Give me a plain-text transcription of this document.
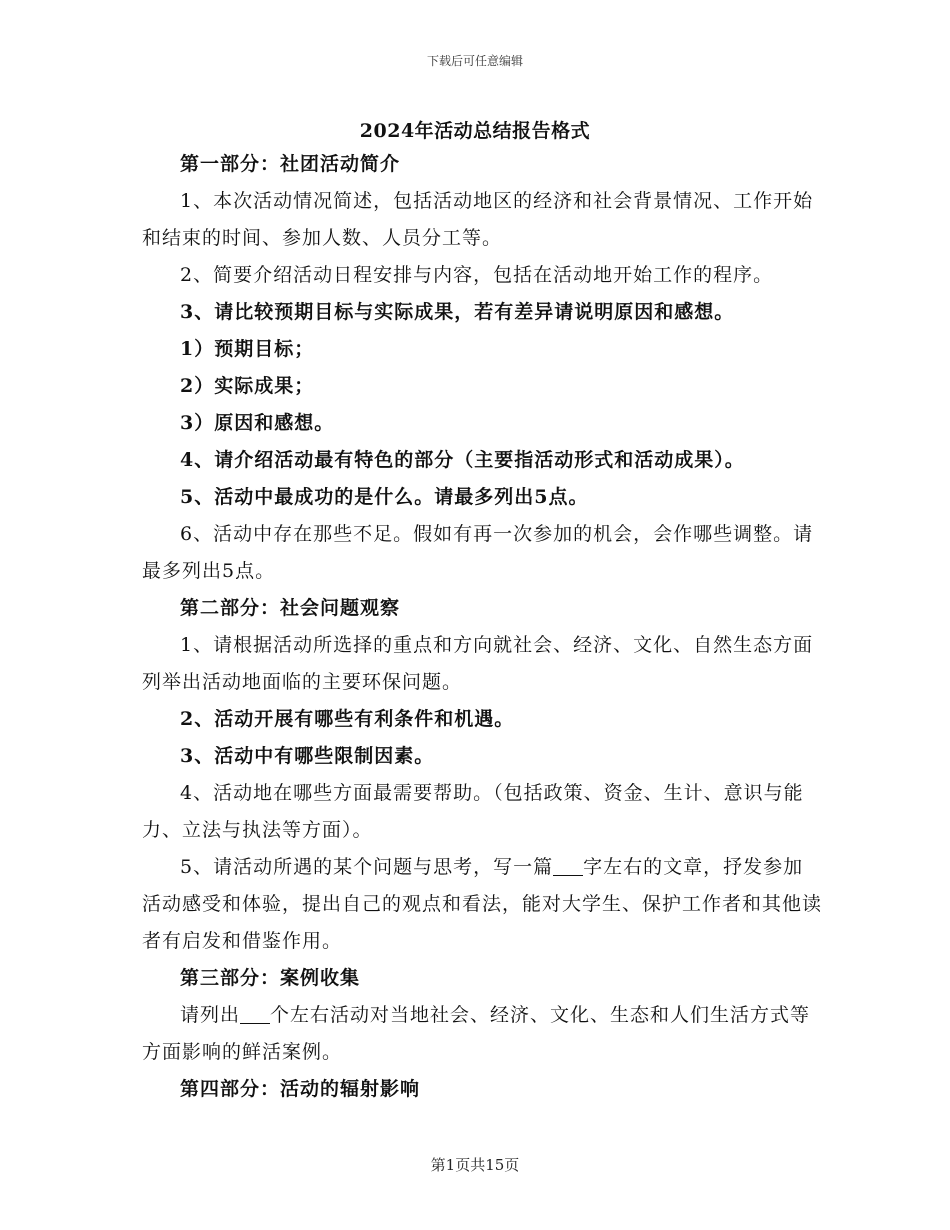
下载后可任意编辑
2024年活动总结报告格式

第一部分：社团活动简介

1、本次活动情况简述，包括活动地区的经济和社会背景情况、工作开始和结束的时间、参加人数、人员分工等。

2、简要介绍活动日程安排与内容，包括在活动地开始工作的程序。

3、请比较预期目标与实际成果，若有差异请说明原因和感想。

1）预期目标；

2）实际成果；

3）原因和感想。

4、请介绍活动最有特色的部分（主要指活动形式和活动成果）。

5、活动中最成功的是什么。请最多列出5点。

6、活动中存在那些不足。假如有再一次参加的机会，会作哪些调整。请最多列出5点。

第二部分：社会问题观察

1、请根据活动所选择的重点和方向就社会、经济、文化、自然生态方面列举出活动地面临的主要环保问题。

2、活动开展有哪些有利条件和机遇。

3、活动中有哪些限制因素。

4、活动地在哪些方面最需要帮助。（包括政策、资金、生计、意识与能力、立法与执法等方面）。

5、请活动所遇的某个问题与思考，写一篇 字左右的文章，抒发参加活动感受和体验，提出自己的观点和看法，能对大学生、保护工作者和其他读者有启发和借鉴作用。

第三部分：案例收集

请列出 个左右活动对当地社会、经济、文化、生态和人们生活方式等方面影响的鲜活案例。

第四部分：活动的辐射影响

第1页共15页
